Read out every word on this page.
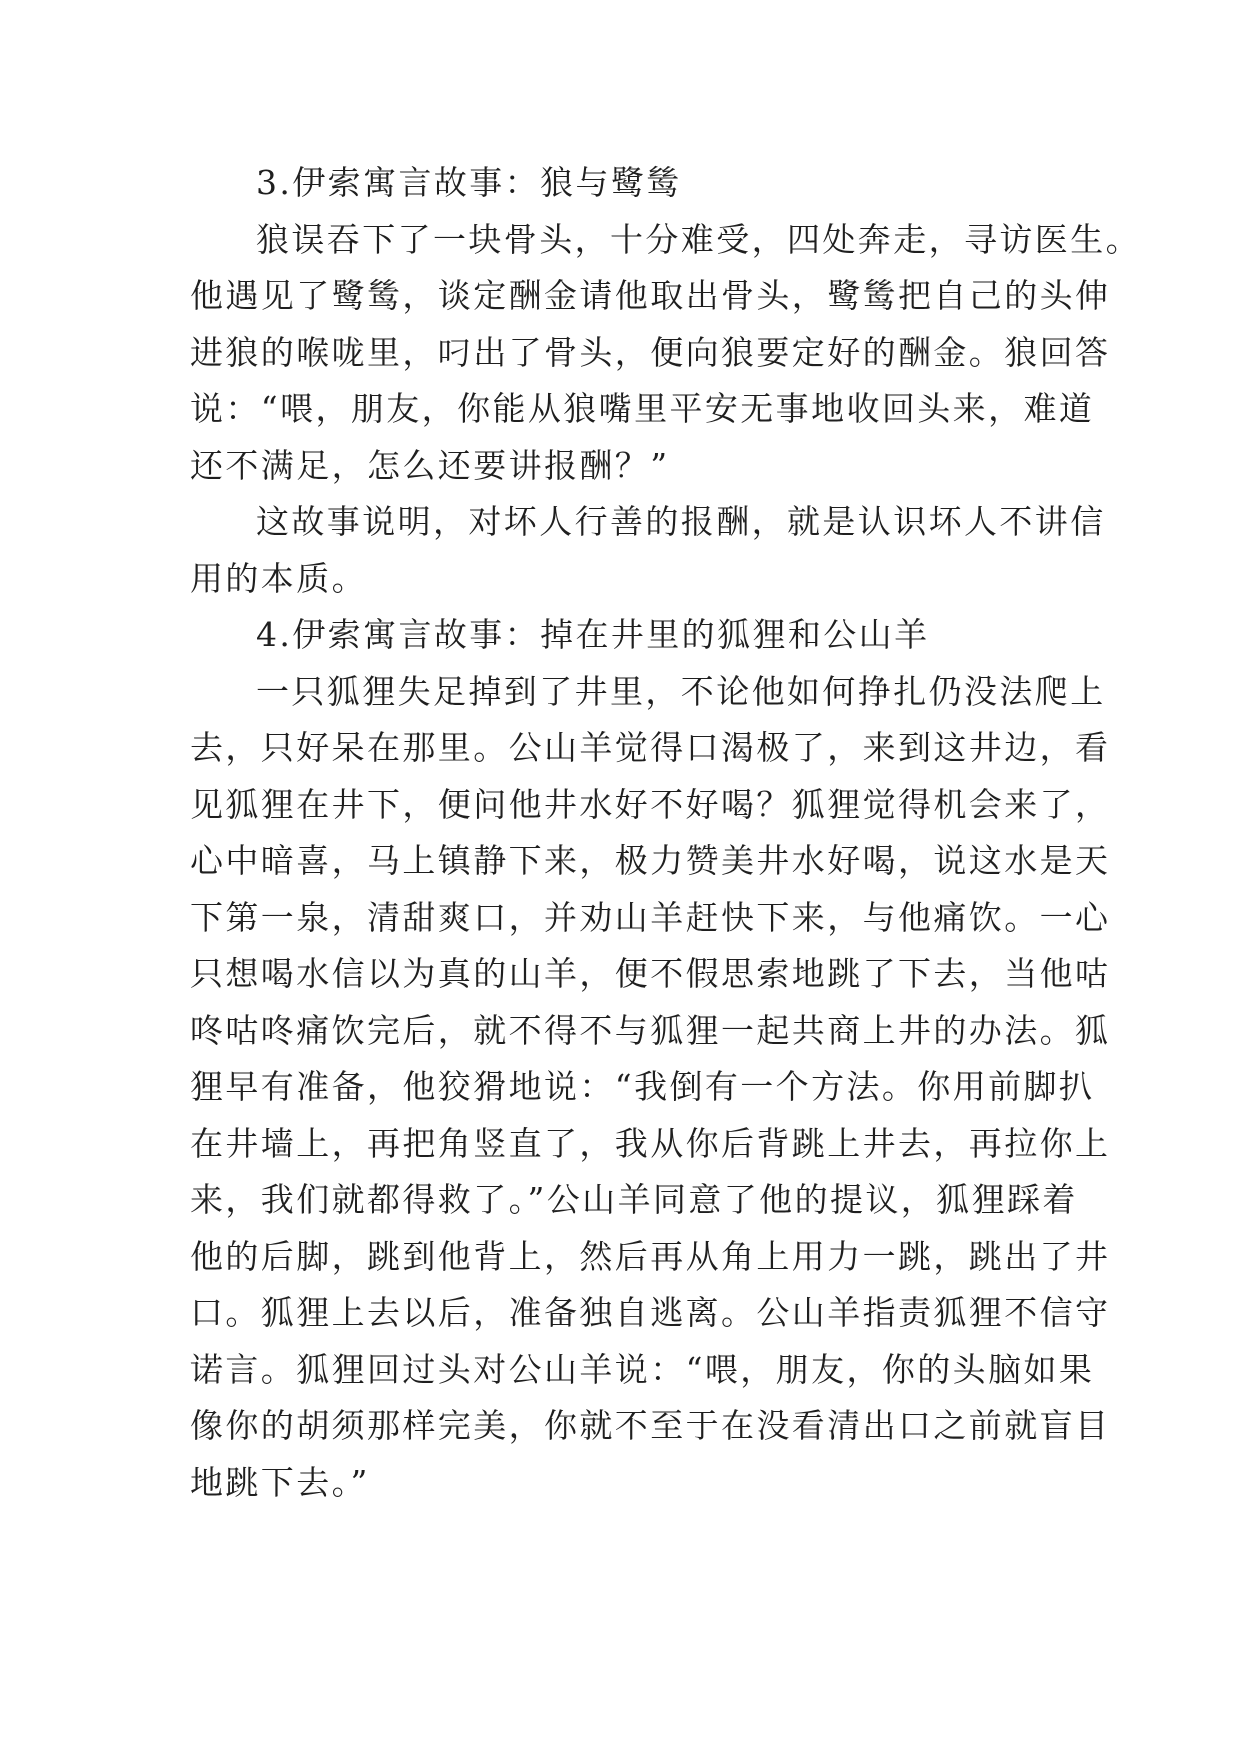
3.伊索寓言故事：狼与鹭鸶
狼误吞下了一块骨头，十分难受，四处奔走，寻访医生。
他遇见了鹭鸶，谈定酬金请他取出骨头，鹭鸶把自己的头伸
进狼的喉咙里，叼出了骨头，便向狼要定好的酬金。狼回答
说：“喂，朋友，你能从狼嘴里平安无事地收回头来，难道
还不满足，怎么还要讲报酬？”
这故事说明，对坏人行善的报酬，就是认识坏人不讲信
用的本质。
4.伊索寓言故事：掉在井里的狐狸和公山羊
一只狐狸失足掉到了井里，不论他如何挣扎仍没法爬上
去，只好呆在那里。公山羊觉得口渴极了，来到这井边，看
见狐狸在井下，便问他井水好不好喝？狐狸觉得机会来了，
心中暗喜，马上镇静下来，极力赞美井水好喝，说这水是天
下第一泉，清甜爽口，并劝山羊赶快下来，与他痛饮。一心
只想喝水信以为真的山羊，便不假思索地跳了下去，当他咕
咚咕咚痛饮完后，就不得不与狐狸一起共商上井的办法。狐
狸早有准备，他狡猾地说：“我倒有一个方法。你用前脚扒
在井墙上，再把角竖直了，我从你后背跳上井去，再拉你上
来，我们就都得救了。”公山羊同意了他的提议，狐狸踩着
他的后脚，跳到他背上，然后再从角上用力一跳，跳出了井
口。狐狸上去以后，准备独自逃离。公山羊指责狐狸不信守
诺言。狐狸回过头对公山羊说：“喂，朋友，你的头脑如果
像你的胡须那样完美，你就不至于在没看清出口之前就盲目
地跳下去。”
